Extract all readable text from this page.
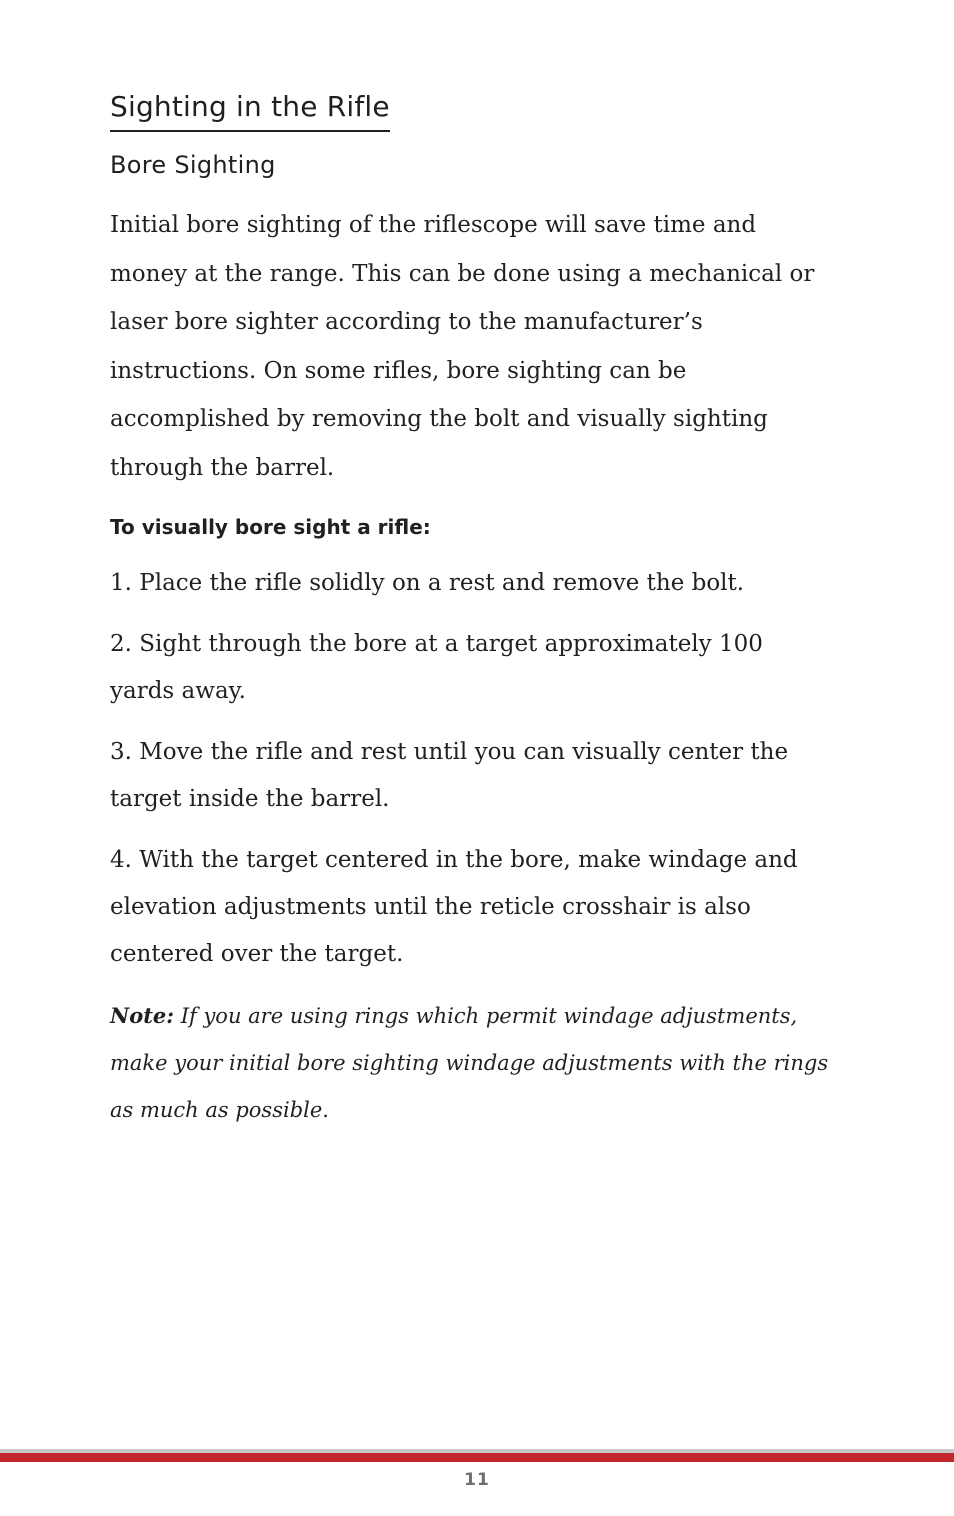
Sighting in the Rifle
Bore Sighting

Initial bore sighting of the riflescope will save time and money at the range. This can be done using a mechanical or laser bore sighter according to the manufacturer’s instructions. On some rifles, bore sighting can be accomplished by removing the bolt and visually sighting through the barrel.

To visually bore sight a rifle:

1. Place the rifle solidly on a rest and remove the bolt.

2. Sight through the bore at a target approximately 100 yards away.

3. Move the rifle and rest until you can visually center the target inside the barrel.

4. With the target centered in the bore, make windage and elevation adjustments until the reticle crosshair is also centered over the target.

Note: If you are using rings which permit windage adjustments, make your initial bore sighting windage adjustments with the rings as much as possible.

11
